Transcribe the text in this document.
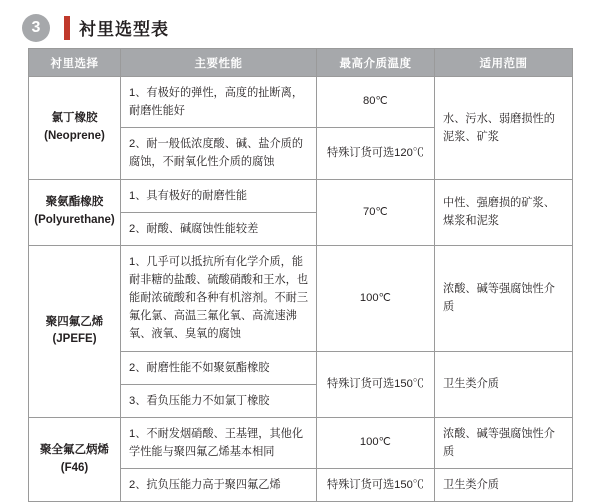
3	衬里选型表
衬里选择	主要性能	最高介质温度	适用范围
氯丁橡胶
(Neoprene)	1、有极好的弹性，高度的扯断离，耐磨性能好	80℃	水、污水、弱磨损性的泥浆、矿浆
	2、耐一般低浓度酸、碱、盐介质的腐蚀，不耐氧化性介质的腐蚀	特殊订货可选120℃	
聚氨酯橡胶
(Polyurethane)	1、具有极好的耐磨性能	70℃	中性、强磨损的矿浆、煤浆和泥浆
	2、耐酸、碱腐蚀性能较差		
聚四氟乙烯
(JPEFE)	1、几乎可以抵抗所有化学介质，能耐非糖的盐酸、硫酸硝酸和王水，也能耐浓硫酸和各种有机溶剂。不耐三氟化氯、高温三氟化氧、高流速沸氧、液氧、臭氧的腐蚀	100℃	浓酸、碱等强腐蚀性介质
	2、耐磨性能不如聚氨酯橡胶	特殊订货可选150℃	卫生类介质
	3、看负压能力不如氯丁橡胶		
聚全氟乙炳烯
(F46)	1、不耐发烟硝酸、王基锂，其他化学性能与聚四氟乙烯基本相同	100℃	浓酸、碱等强腐蚀性介质
	2、抗负压能力高于聚四氟乙烯	特殊订货可选150℃	卫生类介质
